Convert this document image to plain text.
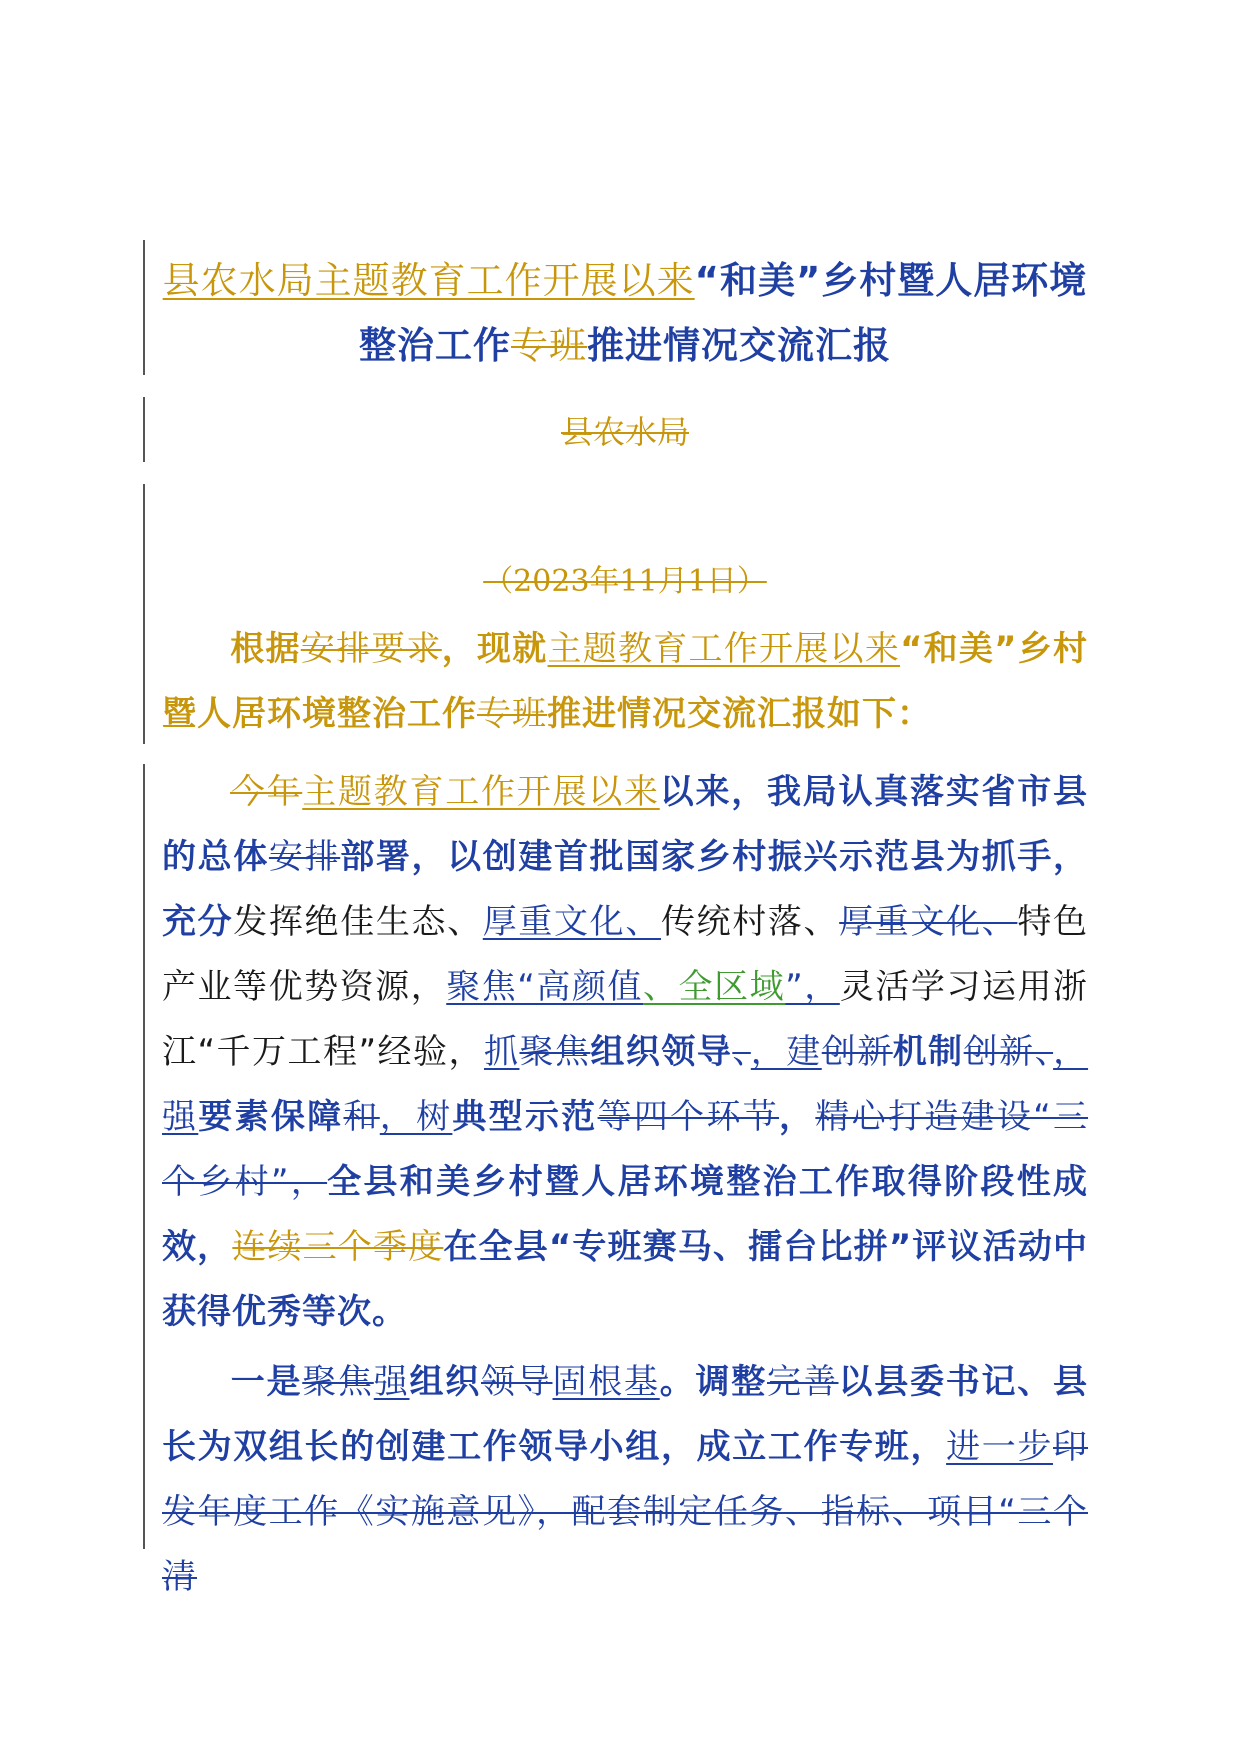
县农水局主题教育工作开展以来“和美”乡村暨人居环境整治工作专班推进情况交流汇报
县农水局
（2023年11月1日）
根据安排要求，现就主题教育工作开展以来“和美”乡村暨人居环境整治工作专班推进情况交流汇报如下：
今年主题教育工作开展以来以来，我局认真落实省市县的总体安排部署，以创建首批国家乡村振兴示范县为抓手，充分发挥绝佳生态、厚重文化、传统村落、厚重文化、特色产业等优势资源，聚焦“高颜值、全区域”，灵活学习运用浙江“千万工程”经验，抓聚焦组织领导、，建创新机制创新、，强要素保障和，树典型示范等四个环节，精心打造建设“三个乡村”，全县和美乡村暨人居环境整治工作取得阶段性成效，连续三个季度在全县“专班赛马、擂台比拼”评议活动中获得优秀等次。
一是聚焦强组织领导固根基。调整完善以县委书记、县长为双组长的创建工作领导小组，成立工作专班，进一步印发年度工作《实施意见》，配套制定任务、指标、项目“三个清
